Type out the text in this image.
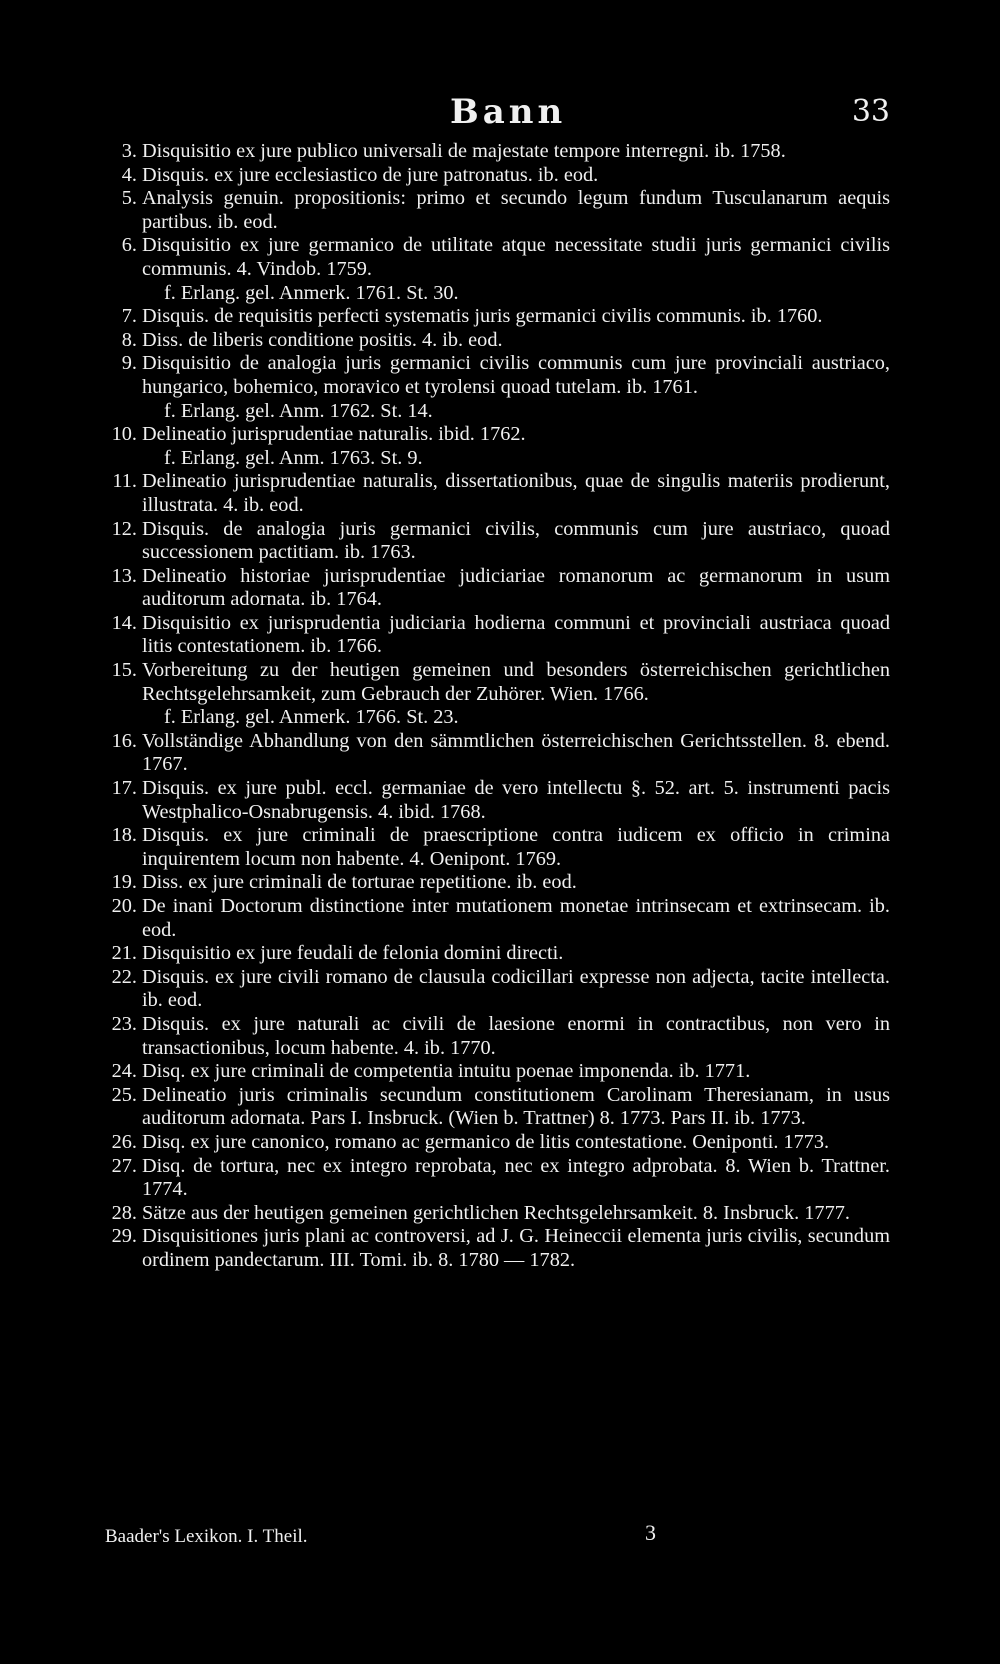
Bann	33
3. Disquisitio ex jure publico universali de majestate tempore interregni. ib. 1758.
4. Disquis. ex jure ecclesiastico de jure patronatus. ib. eod.
5. Analysis genuin. propositionis: primo et secundo legum fundum Tusculanarum aequis partibus. ib. eod.
6. Disquisitio ex jure germanico de utilitate atque necessitate studii juris germanici civilis communis. 4. Vindob. 1759.
f. Erlang. gel. Anmerk. 1761. St. 30.
7. Disquis. de requisitis perfecti systematis juris germanici civilis communis. ib. 1760.
8. Diss. de liberis conditione positis. 4. ib. eod.
9. Disquisitio de analogia juris germanici civilis communis cum jure provinciali austriaco, hungarico, bohemico, moravico et tyrolensi quoad tutelam. ib. 1761.
f. Erlang. gel. Anm. 1762. St. 14.
10. Delineatio jurisprudentiae naturalis. ibid. 1762.
f. Erlang. gel. Anm. 1763. St. 9.
11. Delineatio jurisprudentiae naturalis, dissertationibus, quae de singulis materiis prodierunt, illustrata. 4. ib. eod.
12. Disquis. de analogia juris germanici civilis, communis cum jure austriaco, quoad successionem pactitiam. ib. 1763.
13. Delineatio historiae jurisprudentiae judiciariae romanorum ac germanorum in usum auditorum adornata. ib. 1764.
14. Disquisitio ex jurisprudentia judiciaria hodierna communi et provinciali austriaca quoad litis contestationem. ib. 1766.
15. Vorbereitung zu der heutigen gemeinen und besonders österreichischen gerichtlichen Rechtsgelehrsamkeit, zum Gebrauch der Zuhörer. Wien. 1766.
f. Erlang. gel. Anmerk. 1766. St. 23.
16. Vollständige Abhandlung von den sämmtlichen österreichischen Gerichtsstellen. 8. ebend. 1767.
17. Disquis. ex jure publ. eccl. germaniae de vero intellectu §. 52. art. 5. instrumenti pacis Westphalico-Osnabrugensis. 4. ibid. 1768.
18. Disquis. ex jure criminali de praescriptione contra iudicem ex officio in crimina inquirentem locum non habente. 4. Oenipont. 1769.
19. Diss. ex jure criminali de torturae repetitione. ib. eod.
20. De inani Doctorum distinctione inter mutationem monetae intrinsecam et extrinsecam. ib. eod.
21. Disquisitio ex jure feudali de felonia domini directi.
22. Disquis. ex jure civili romano de clausula codicillari expresse non adjecta, tacite intellecta. ib. eod.
23. Disquis. ex jure naturali ac civili de laesione enormi in contractibus, non vero in transactionibus, locum habente. 4. ib. 1770.
24. Disq. ex jure criminali de competentia intuitu poenae imponenda. ib. 1771.
25. Delineatio juris criminalis secundum constitutionem Carolinam Theresianam, in usus auditorum adornata. Pars I. Insbruck. (Wien b. Trattner) 8. 1773. Pars II. ib. 1773.
26. Disq. ex jure canonico, romano ac germanico de litis contestatione. Oeniponti. 1773.
27. Disq. de tortura, nec ex integro reprobata, nec ex integro adprobata. 8. Wien b. Trattner. 1774.
28. Sätze aus der heutigen gemeinen gerichtlichen Rechtsgelehrsamkeit. 8. Insbruck. 1777.
29. Disquisitiones juris plani ac controversi, ad J. G. Heineccii elementa juris civilis, secundum ordinem pandectarum. III. Tomi. ib. 8. 1780 — 1782.
Baader's Lexikon. I. Theil.	3
